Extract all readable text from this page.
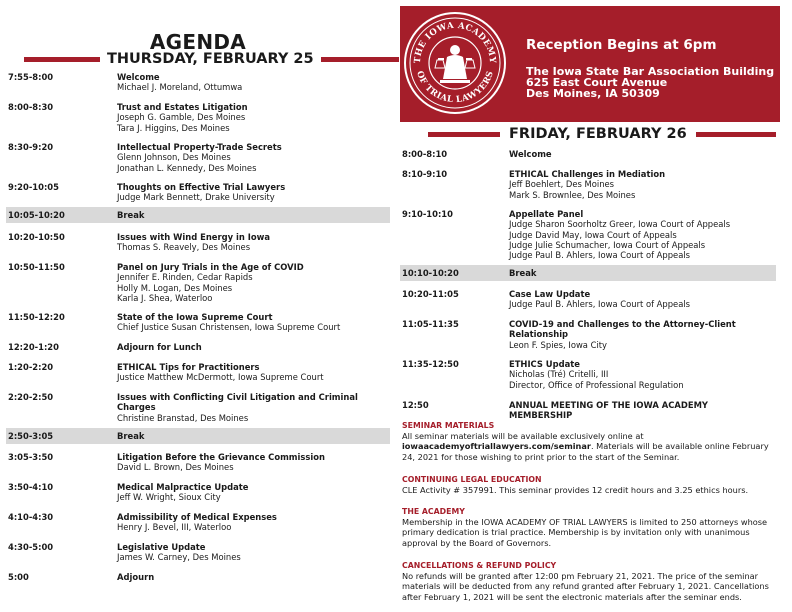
AGENDA
THURSDAY, FEBRUARY 25
7:55-8:00	Welcome
Michael J. Moreland, Ottumwa
8:00-8:30	Trust and Estates Litigation
Joseph G. Gamble, Des Moines
Tara J. Higgins, Des Moines
8:30-9:20	Intellectual Property-Trade Secrets
Glenn Johnson, Des Moines
Jonathan L. Kennedy, Des Moines
9:20-10:05	Thoughts on Effective Trial Lawyers
Judge Mark Bennett, Drake University
10:05-10:20	Break
10:20-10:50	Issues with Wind Energy in Iowa
Thomas S. Reavely, Des Moines
10:50-11:50	Panel on Jury Trials in the Age of COVID
Jennifer E. Rinden, Cedar Rapids
Holly M. Logan, Des Moines
Karla J. Shea, Waterloo
11:50-12:20	State of the Iowa Supreme Court
Chief Justice Susan Christensen, Iowa Supreme Court
12:20-1:20	Adjourn for Lunch
1:20-2:20	ETHICAL Tips for Practitioners
Justice Matthew McDermott, Iowa Supreme Court
2:20-2:50	Issues with Conflicting Civil Litigation and Criminal Charges
Christine Branstad, Des Moines
2:50-3:05	Break
3:05-3:50	Litigation Before the Grievance Commission
David L. Brown, Des Moines
3:50-4:10	Medical Malpractice Update
Jeff W. Wright, Sioux City
4:10-4:30	Admissibility of Medical Expenses
Henry J. Bevel, III, Waterloo
4:30-5:00	Legislative Update
James W. Carney, Des Moines
5:00	Adjourn
THE IOWA ACADEMY
OF TRIAL LAWYERS
Reception Begins at 6pm
The Iowa State Bar Association Building
625 East Court Avenue
Des Moines, IA 50309
FRIDAY, FEBRUARY 26
8:00-8:10	Welcome
8:10-9:10	ETHICAL Challenges in Mediation
Jeff Boehlert, Des Moines
Mark S. Brownlee, Des Moines
9:10-10:10	Appellate Panel
Judge Sharon Soorholtz Greer, Iowa Court of Appeals
Judge David May, Iowa Court of Appeals
Judge Julie Schumacher, Iowa Court of Appeals
Judge Paul B. Ahlers, Iowa Court of Appeals
10:10-10:20	Break
10:20-11:05	Case Law Update
Judge Paul B. Ahlers, Iowa Court of Appeals
11:05-11:35	COVID-19 and Challenges to the Attorney-Client Relationship
Leon F. Spies, Iowa City
11:35-12:50	ETHICS Update
Nicholas (Tré) Critelli, III
Director, Office of Professional Regulation
12:50	ANNUAL MEETING OF THE IOWA ACADEMY MEMBERSHIP
SEMINAR MATERIALS
All seminar materials will be available exclusively online at iowaacademyoftriallawyers.com/seminar. Materials will be available online February 24, 2021 for those wishing to print prior to the start of the Seminar.
CONTINUING LEGAL EDUCATION
CLE Activity # 357991. This seminar provides 12 credit hours and 3.25 ethics hours.
THE ACADEMY
Membership in the IOWA ACADEMY OF TRIAL LAWYERS is limited to 250 attorneys whose primary dedication is trial practice. Membership is by invitation only with unanimous approval by the Board of Governors.
CANCELLATIONS & REFUND POLICY
No refunds will be granted after 12:00 pm February 21, 2021. The price of the seminar materials will be deducted from any refund granted after February 1, 2021. Cancellations after February 1, 2021 will be sent the electronic materials after the seminar ends.
